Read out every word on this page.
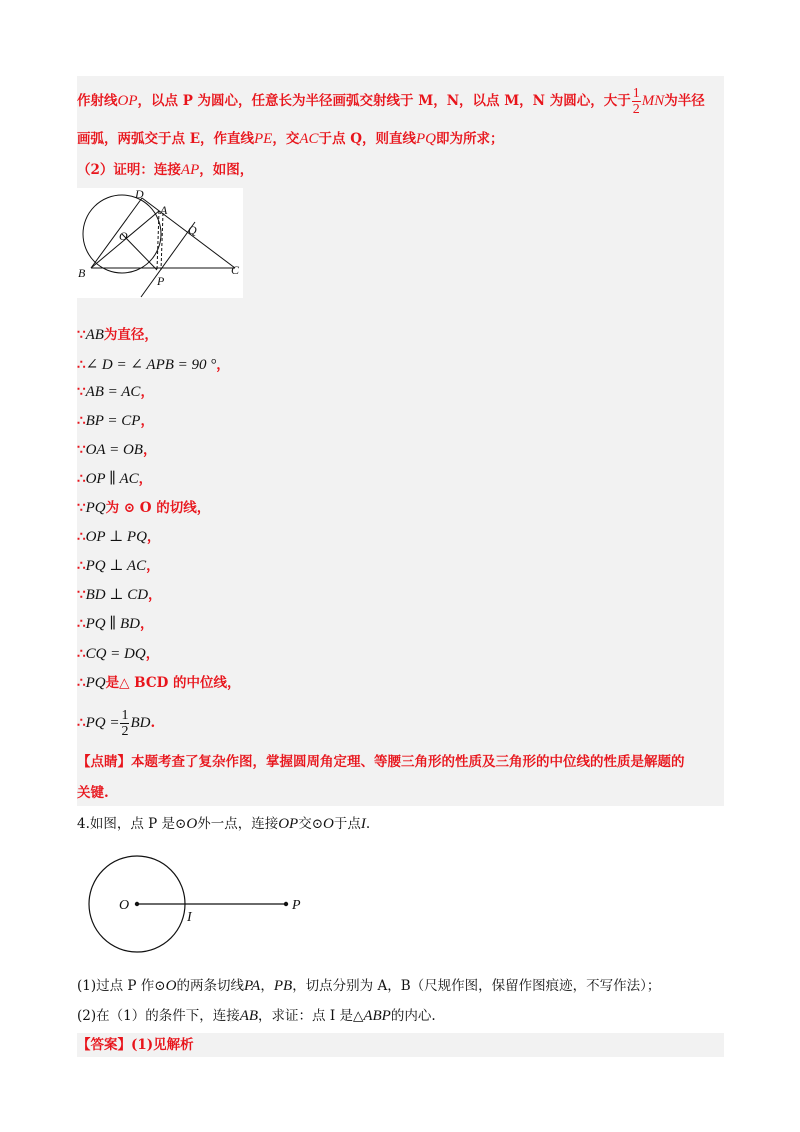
作射线OP，以点 P 为圆心，任意长为半径画弧交射线于 M，N，以点 M，N 为圆心，大于 $\frac{1}{2}$ MN为半径
画弧，两弧交于点 E，作直线PE，交AC于点 Q，则直线PQ即为所求；
（2）证明：连接AP，如图，
D
A
O	Q
B
P
C
∵AB为直径，
∴∠ D = ∠ APB = 90 °，
∵AB = AC，
∴BP = CP，
∵OA = OB，
∴OP ∥ AC，
∵PQ为 ⊙ O 的切线，
∴OP ⊥ PQ，
∴PQ ⊥ AC，
∵BD ⊥ CD，
∴PQ ∥ BD，
∴CQ = DQ，
∴PQ是△ BCD 的中位线，
∴PQ = $\frac{1}{2}$ BD.
【点睛】本题考查了复杂作图，掌握圆周角定理、等腰三角形的性质及三角形的中位线的性质是解题的
关键.
4.如图，点 P 是⊙O外一点，连接OP交⊙O于点I.
O
I
P
(1)过点 P 作⊙O的两条切线PA，PB，切点分别为 A，B（尺规作图，保留作图痕迹，不写作法）；
(2)在（1）的条件下，连接AB，求证：点 I 是△ABP的内心.
【答案】(1)见解析
